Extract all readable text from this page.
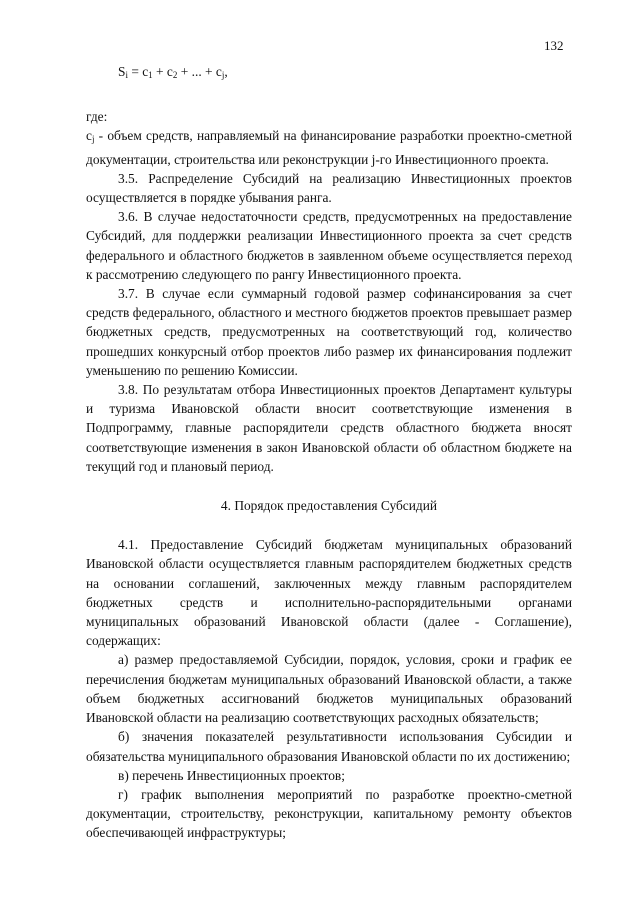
132
$S_i = c_1 + c_2$ + ... + $c_j$,

где:

$c_j$ - объем средств, направляемый на финансирование разработки проектно-сметной документации, строительства или реконструкции j-го Инвестиционного проекта.

3.5. Распределение Субсидий на реализацию Инвестиционных проектов осуществляется в порядке убывания ранга.

3.6. В случае недостаточности средств, предусмотренных на предоставление Субсидий, для поддержки реализации Инвестиционного проекта за счет средств федерального и областного бюджетов в заявленном объеме осуществляется переход к рассмотрению следующего по рангу Инвестиционного проекта.

3.7. В случае если суммарный годовой размер софинансирования за счет средств федерального, областного и местного бюджетов проектов превышает размер бюджетных средств, предусмотренных на соответствующий год, количество прошедших конкурсный отбор проектов либо размер их финансирования подлежит уменьшению по решению Комиссии.

3.8. По результатам отбора Инвестиционных проектов Департамент культуры и туризма Ивановской области вносит соответствующие изменения в Подпрограмму, главные распорядители средств областного бюджета вносят соответствующие изменения в закон Ивановской области об областном бюджете на текущий год и плановый период.

4. Порядок предоставления Субсидий

4.1. Предоставление Субсидий бюджетам муниципальных образований Ивановской области осуществляется главным распорядителем бюджетных средств на основании соглашений, заключенных между главным распорядителем бюджетных средств и исполнительно-распорядительными органами муниципальных образований Ивановской области (далее - Соглашение), содержащих:

а) размер предоставляемой Субсидии, порядок, условия, сроки и график ее перечисления бюджетам муниципальных образований Ивановской области, а также объем бюджетных ассигнований бюджетов муниципальных образований Ивановской области на реализацию соответствующих расходных обязательств;

б) значения показателей результативности использования Субсидии и обязательства муниципального образования Ивановской области по их достижению;

в) перечень Инвестиционных проектов;

г) график выполнения мероприятий по разработке проектно-сметной документации, строительству, реконструкции, капитальному ремонту объектов обеспечивающей инфраструктуры;
